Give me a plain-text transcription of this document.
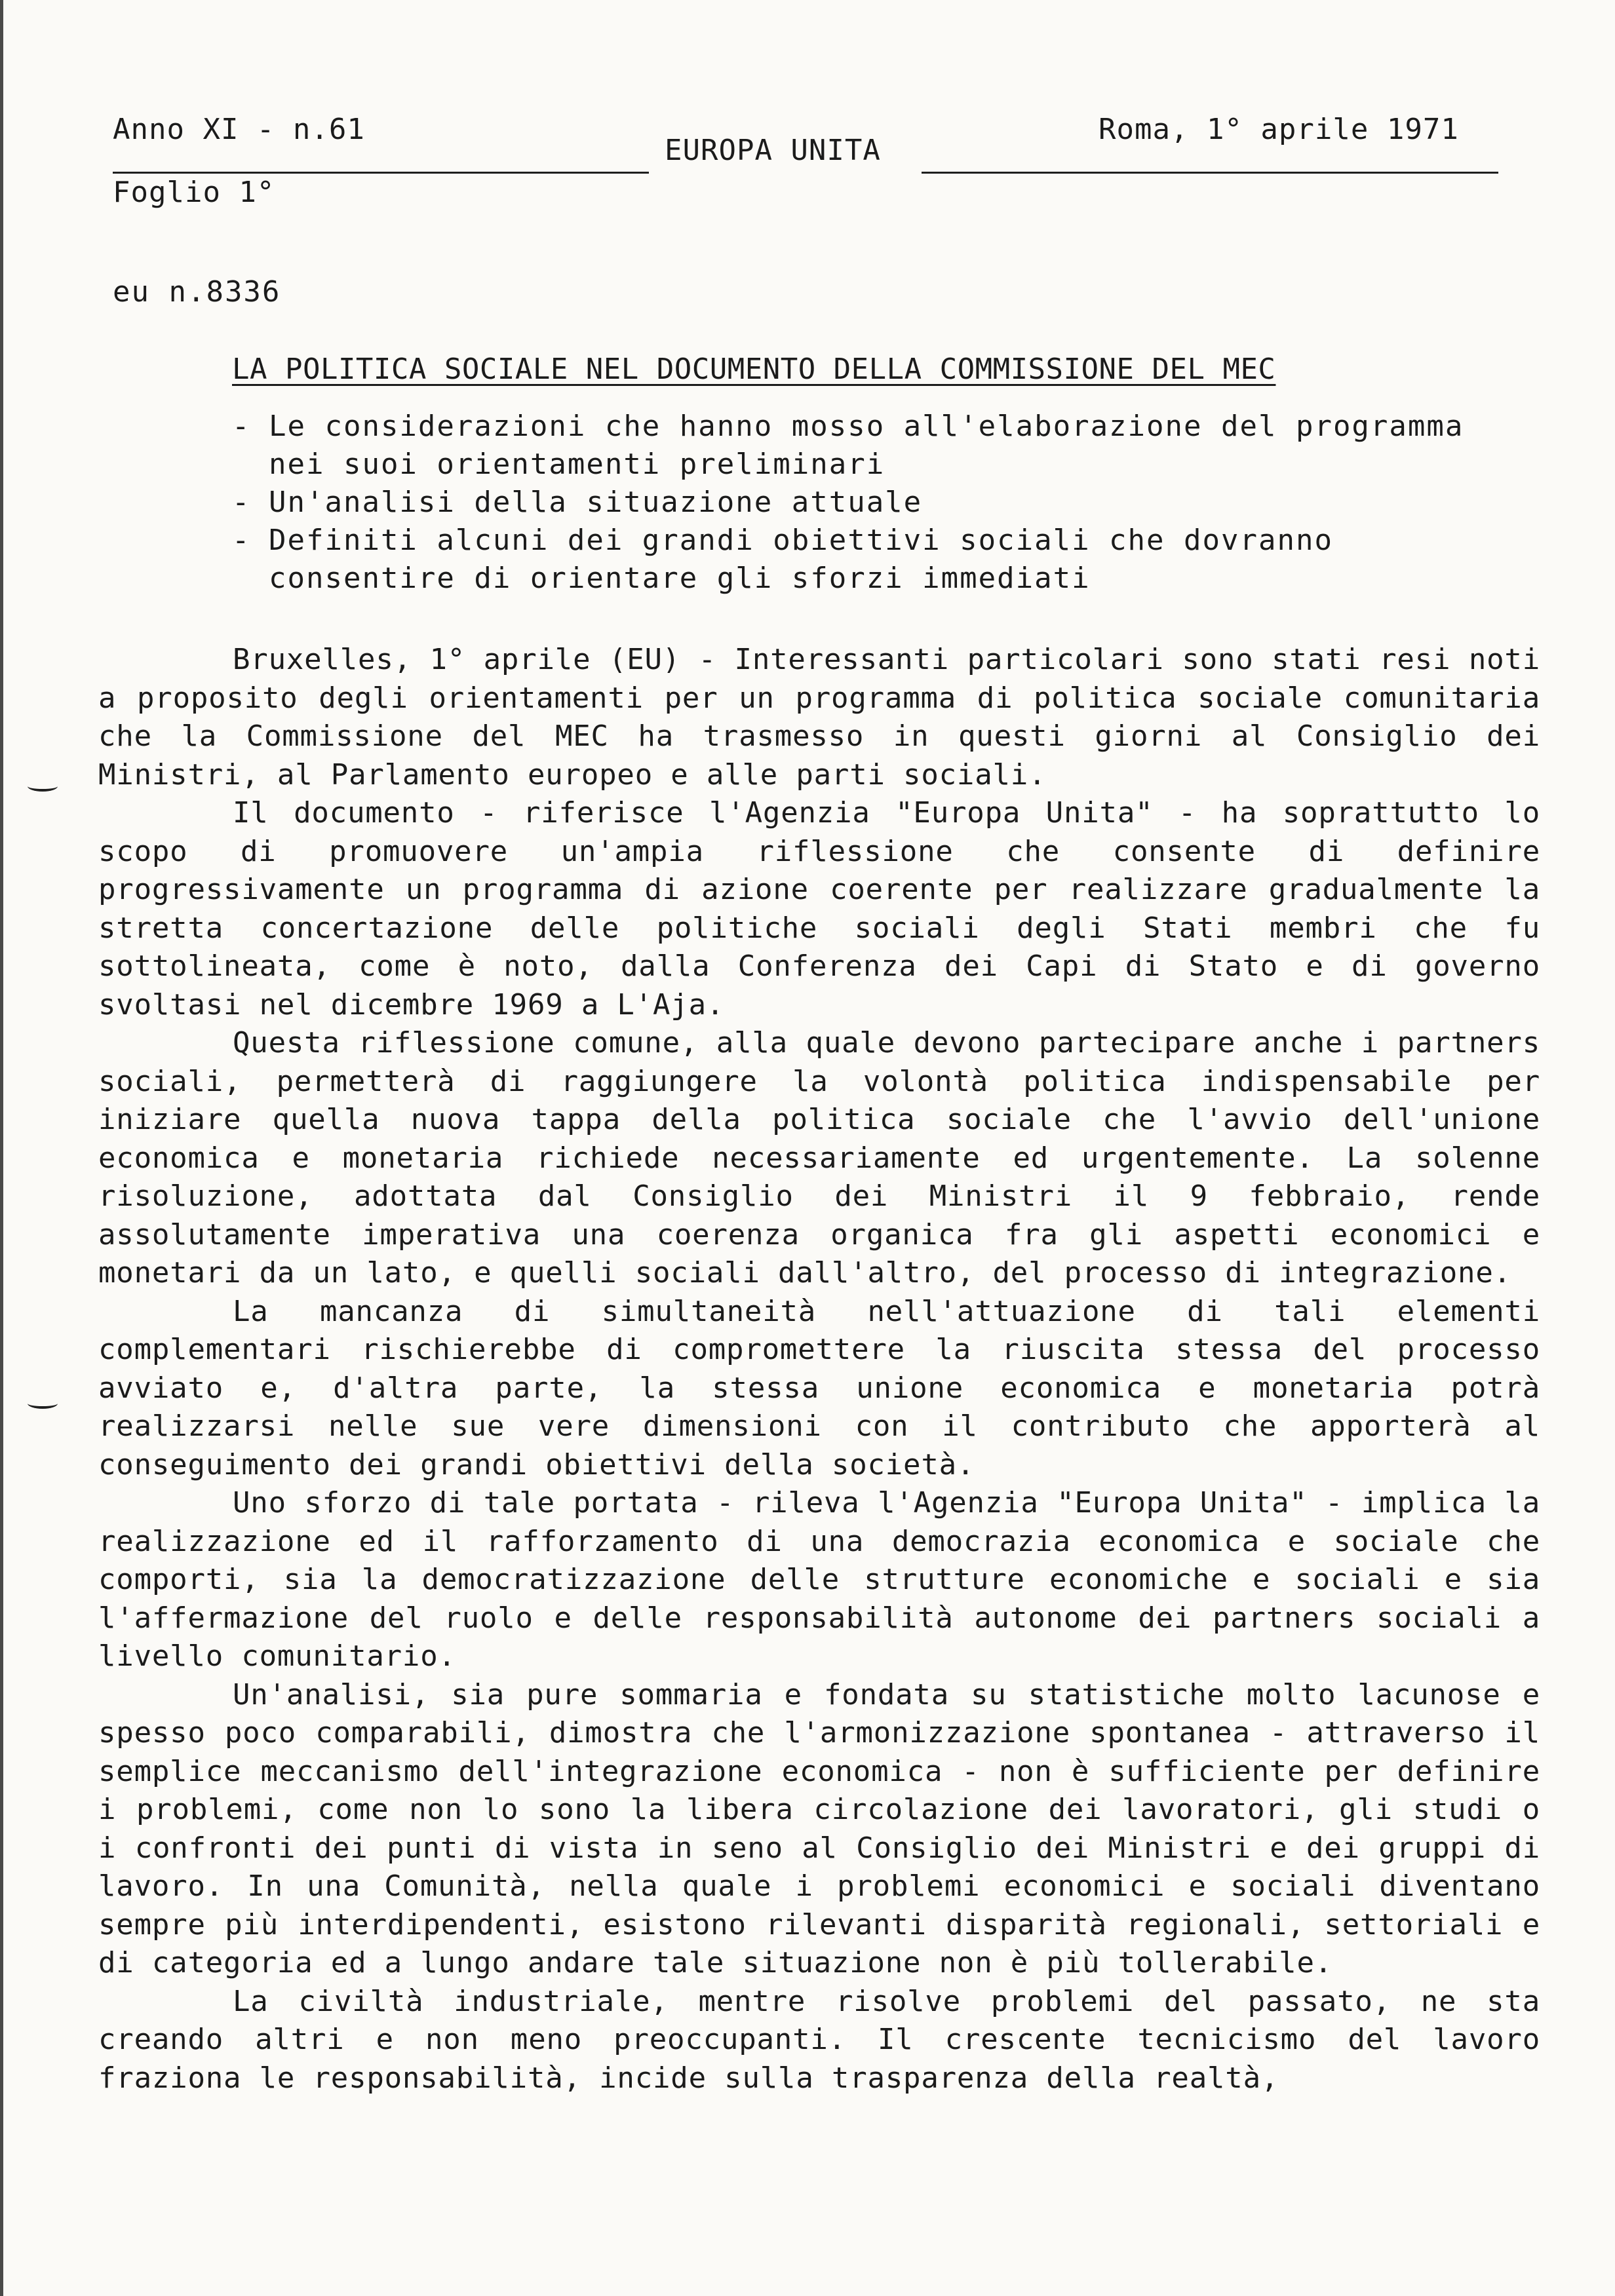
Anno XI - n.61
EUROPA UNITA
Roma, 1° aprile 1971
Foglio 1°
eu n.8336
LA POLITICA SOCIALE NEL DOCUMENTO DELLA COMMISSIONE DEL MEC
- Le considerazioni che hanno mosso all'elaborazione del programma nei suoi orientamenti preliminari
- Un'analisi della situazione attuale
- Definiti alcuni dei grandi obiettivi sociali che dovranno consentire di orientare gli sforzi immediati

Bruxelles, 1° aprile (EU) - Interessanti particolari sono stati resi noti a proposito degli orientamenti per un programma di politica sociale comunitaria che la Commissione del MEC ha trasmesso in questi giorni al Consiglio dei Ministri, al Parlamento europeo e alle parti sociali.

Il documento - riferisce l'Agenzia "Europa Unita" - ha soprattutto lo scopo di promuovere un'ampia riflessione che consente di definire progressivamente un programma di azione coerente per realizzare gradualmente la stretta concertazione delle politiche sociali degli Stati membri che fu sottolineata, come è noto, dalla Conferenza dei Capi di Stato e di governo svoltasi nel dicembre 1969 a L'Aja.

Questa riflessione comune, alla quale devono partecipare anche i partners sociali, permetterà di raggiungere la volontà politica indispensabile per iniziare quella nuova tappa della politica sociale che l'avvio dell'unione economica e monetaria richiede necessariamente ed urgentemente. La solenne risoluzione, adottata dal Consiglio dei Ministri il 9 febbraio, rende assolutamente imperativa una coerenza organica fra gli aspetti economici e monetari da un lato, e quelli sociali dall'altro, del processo di integrazione.

La mancanza di simultaneità nell'attuazione di tali elementi complementari rischierebbe di compromettere la riuscita stessa del processo avviato e, d'altra parte, la stessa unione economica e monetaria potrà realizzarsi nelle sue vere dimensioni con il contributo che apporterà al conseguimento dei grandi obiettivi della società.

Uno sforzo di tale portata - rileva l'Agenzia "Europa Unita" - implica la realizzazione ed il rafforzamento di una democrazia economica e sociale che comporti, sia la democratizzazione delle strutture economiche e sociali e sia l'affermazione del ruolo e delle responsabilità autonome dei partners sociali a livello comunitario.

Un'analisi, sia pure sommaria e fondata su statistiche molto lacunose e spesso poco comparabili, dimostra che l'armonizzazione spontanea - attraverso il semplice meccanismo dell'integrazione economica - non è sufficiente per definire i problemi, come non lo sono la libera circolazione dei lavoratori, gli studi o i confronti dei punti di vista in seno al Consiglio dei Ministri e dei gruppi di lavoro. In una Comunità, nella quale i problemi economici e sociali diventano sempre più interdipendenti, esistono rilevanti disparità regionali, settoriali e di categoria ed a lungo andare tale situazione non è più tollerabile.

La civiltà industriale, mentre risolve problemi del passato, ne sta creando altri e non meno preoccupanti. Il crescente tecnicismo del lavoro fraziona le responsabilità, incide sulla trasparenza della realtà,
